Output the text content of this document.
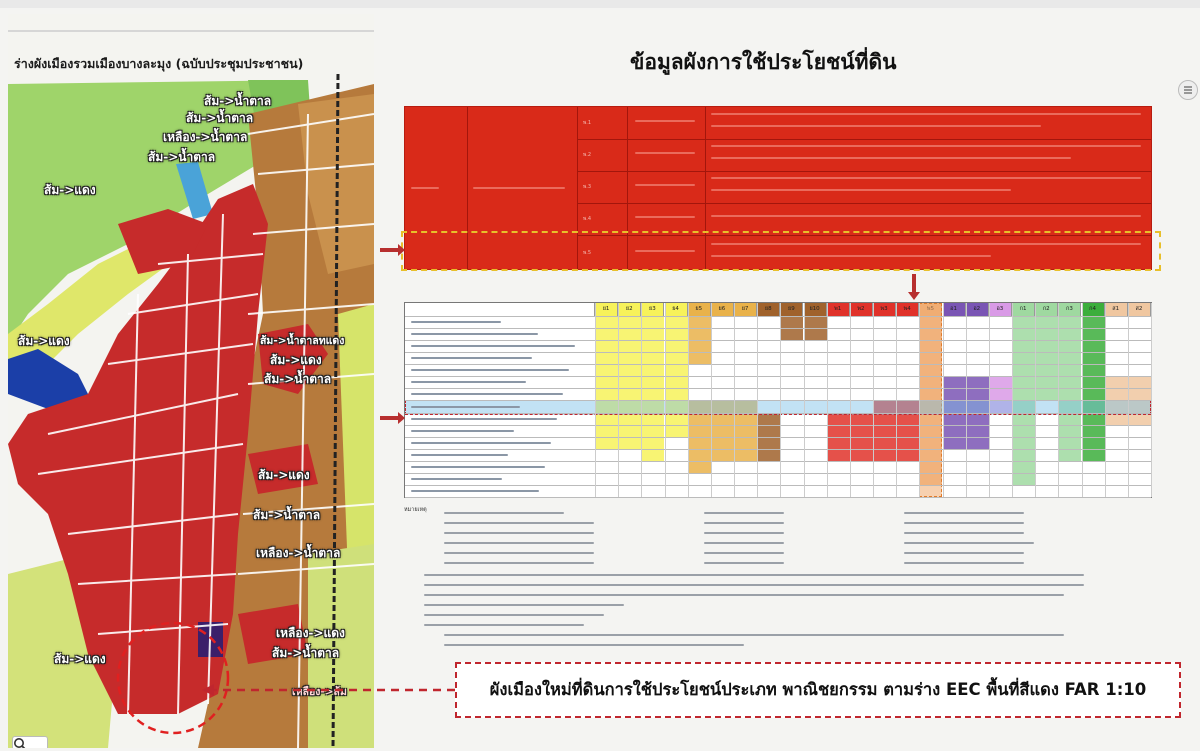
ร่างผังเมืองรวมเมืองบางละมุง (ฉบับประชุมประชาชน)
ส้ม->น้ำตาล
ส้ม->น้ำตาล
เหลือง->น้ำตาล
ส้ม->น้ำตาล
ส้ม->แดง
ส้ม->แดง	ส้ม->น้ำตาลทแดง
ส้ม->แดง
ส้ม->น้ำตาล
ส้ม->แดง
ส้ม->น้ำตาล
เหลือง->น้ำตาล
เหลือง->แดง
ส้ม->น้ำตาล
ส้ม->แดง
เหลือง->ส้ม
ข้อมูลผังการใช้ประโยชน์ที่ดิน
พ.1
พ.2
พ.3
พ.4
พ.5
ย1	ย2	ย3	ย4	ย5	ย6	ย7	ย8	ย9	ย10	พ1	พ2	พ3	พ4	อ1	อ2	อ3	ก1	ก2	ก3	ก4	ส1	ส2
หมายเหตุ
ผังเมืองใหม่ที่ดินการใช้ประโยชน์ประเภท พาณิชยกรรม ตามร่าง EEC พื้นที่สีแดง FAR 1:10
